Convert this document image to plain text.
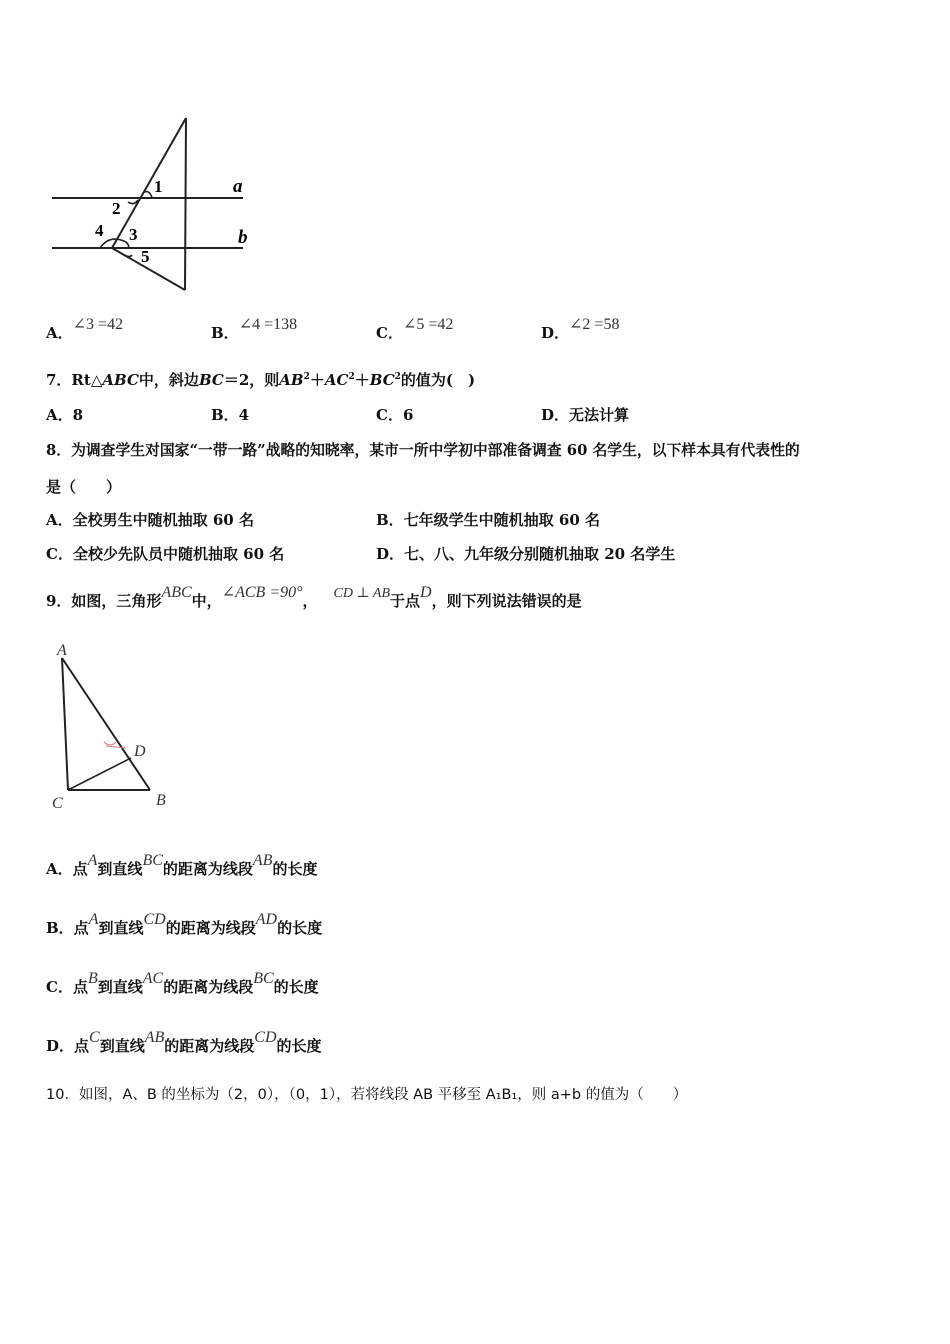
1
2
3
4
5
a
b
A．∠3 =42	B．∠4 =138	C．∠5 =42	D．∠2 =58
7．Rt△ABC中，斜边BC＝2，则$AB^2+AC^2+BC^2$的值为(　)
A．8	B．4	C．6	D．无法计算
8．为调查学生对国家“一带一路”战略的知晓率，某市一所中学初中部准备调查 60 名学生，以下样本具有代表性的
是（　　）
A．全校男生中随机抽取 60 名	B．七年级学生中随机抽取 60 名
C．全校少先队员中随机抽取 60 名	D．七、八、九年级分别随机抽取 20 名学生
9．如图，三角形ABC中，∠ACB =90°， CD ⊥ AB于点D，则下列说法错误的是
A
B
C
D
A．点A到直线BC的距离为线段AB的长度
B．点A到直线CD的距离为线段AD的长度
C．点B到直线AC的距离为线段BC的长度
D．点C到直线AB的距离为线段CD的长度
10．如图，A、B 的坐标为（2，0），（0，1），若将线段 AB 平移至 A₁B₁，则 a+b 的值为（　　）
